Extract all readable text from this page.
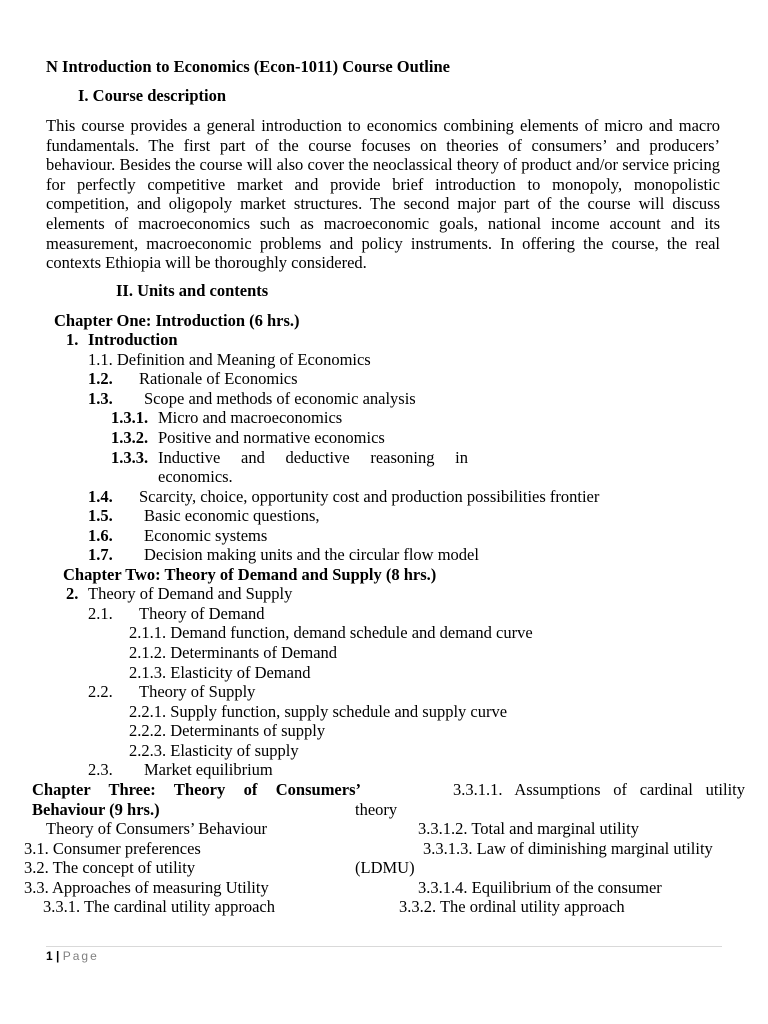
N Introduction to Economics (Econ-1011) Course Outline
I. Course description
This course provides a general introduction to economics combining elements of micro and macro fundamentals. The first part of the course focuses on theories of consumers’ and producers’ behaviour. Besides the course will also cover the neoclassical theory of product and/or service pricing for perfectly competitive market and provide brief introduction to monopoly, monopolistic competition, and oligopoly market structures. The second major part of the course will discuss elements of macroeconomics such as macroeconomic goals, national income account and its measurement, macroeconomic problems and policy instruments. In offering the course, the real contexts Ethiopia will be thoroughly considered.
II. Units and contents
Chapter One: Introduction (6 hrs.)
1. Introduction
1.1. Definition and Meaning of Economics
1.2. Rationale of Economics
1.3. Scope and methods of economic analysis
1.3.1. Micro and macroeconomics
1.3.2. Positive and normative economics
1.3.3. Inductive and deductive reasoning in
economics.
1.4. Scarcity, choice, opportunity cost and production possibilities frontier
1.5. Basic economic questions,
1.6. Economic systems
1.7. Decision making units and the circular flow model
Chapter Two: Theory of Demand and Supply (8 hrs.)
2. Theory of Demand and Supply
2.1. Theory of Demand
2.1.1. Demand function, demand schedule and demand curve
2.1.2. Determinants of Demand
2.1.3. Elasticity of Demand
2.2. Theory of Supply
2.2.1. Supply function, supply schedule and supply curve
2.2.2. Determinants of supply
2.2.3. Elasticity of supply
2.3. Market equilibrium
Chapter Three: Theory of Consumers’
Behaviour (9 hrs.)
Theory of Consumers’ Behaviour
3.1. Consumer preferences
3.2. The concept of utility
3.3. Approaches of measuring Utility
3.3.1. The cardinal utility approach
3.3.1.1. Assumptions of cardinal utility
theory
3.3.1.2. Total and marginal utility
3.3.1.3. Law of diminishing marginal utility
(LDMU)
3.3.1.4. Equilibrium of the consumer
3.3.2. The ordinal utility approach
1 | Page
